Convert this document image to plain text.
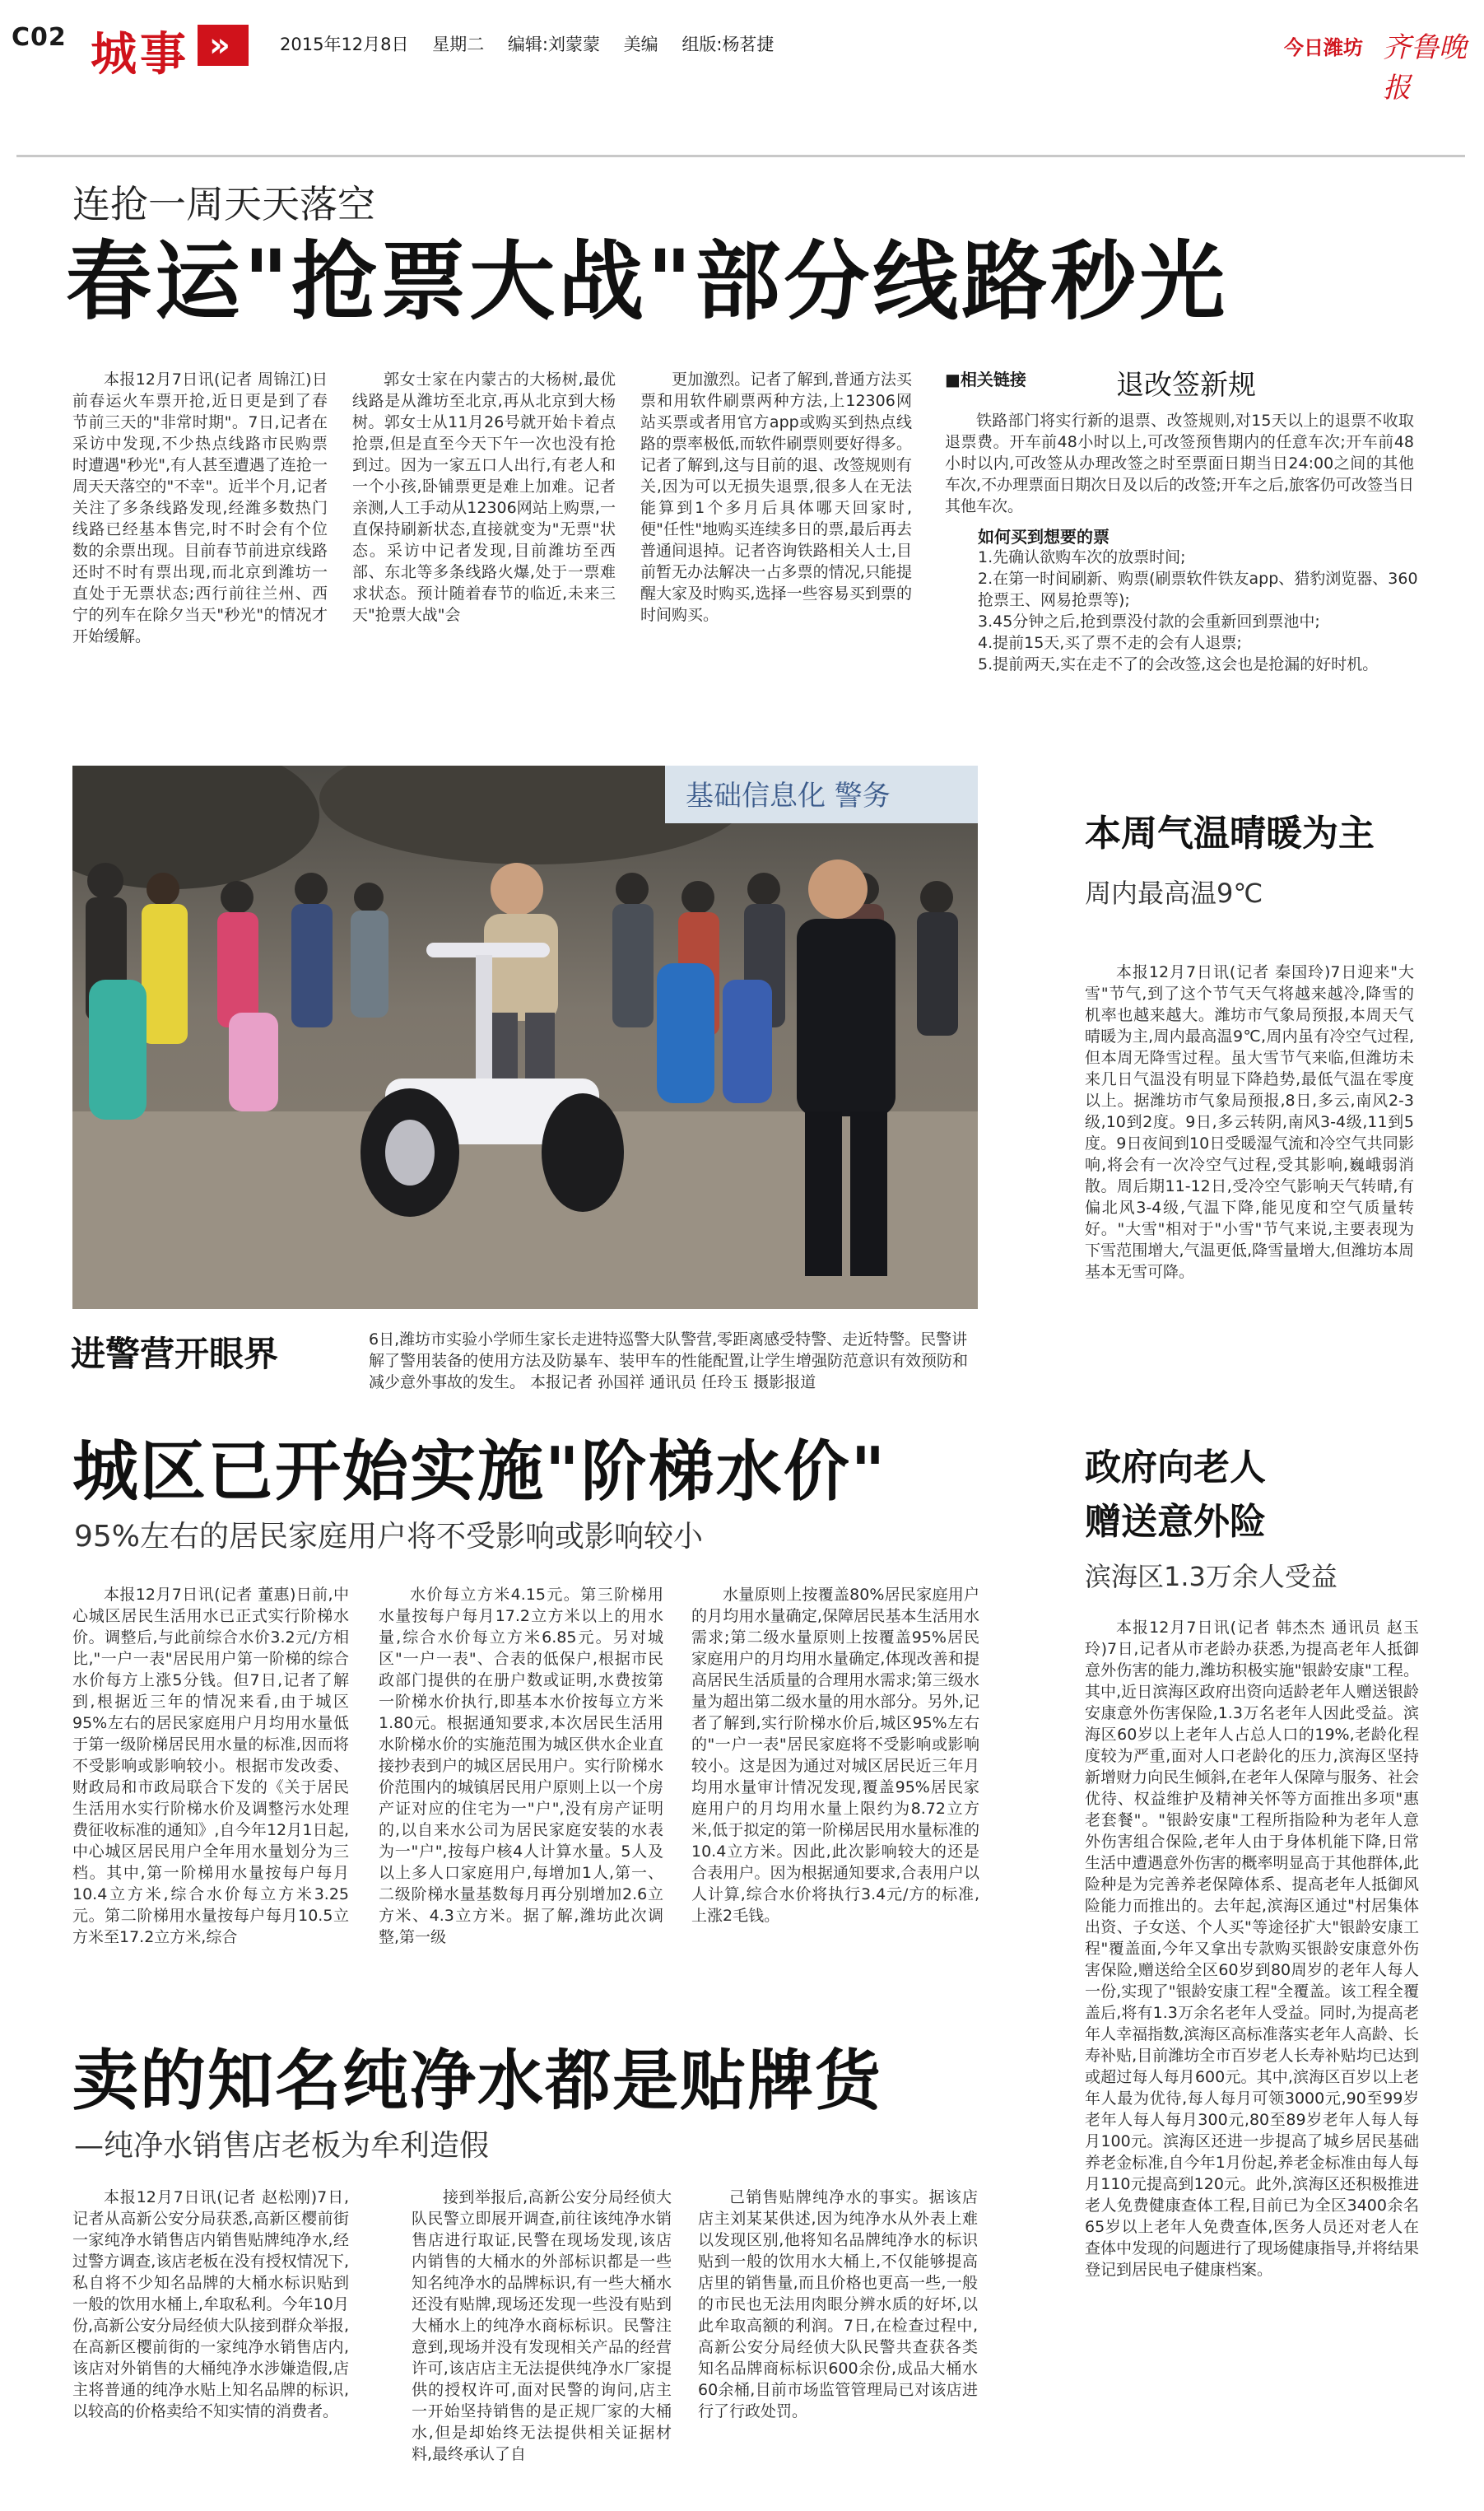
C02 城事 »	2015年12月8日 星期二 编辑:刘蒙蒙 美编 组版:杨茗捷	今日潍坊 齐鲁晚报
连抢一周天天落空
春运"抢票大战"部分线路秒光

本报12月7日讯(记者 周锦江)日前春运火车票开抢,近日更是到了春节前三天的"非常时期"。7日,记者在采访中发现,不少热点线路市民购票时遭遇"秒光",有人甚至遭遇了连抢一周天天落空的"不幸"。近半个月,记者关注了多条线路发现,经潍多数热门线路已经基本售完,时不时会有个位数的余票出现。目前春节前进京线路还时不时有票出现,而北京到潍坊一直处于无票状态;西行前往兰州、西宁的列车在除夕当天"秒光"的情况才开始缓解。

郭女士家在内蒙古的大杨树,最优线路是从潍坊至北京,再从北京到大杨树。郭女士从11月26号就开始卡着点抢票,但是直至今天下午一次也没有抢到过。因为一家五口人出行,有老人和一个小孩,卧铺票更是难上加难。记者亲测,人工手动从12306网站上购票,一直保持刷新状态,直接就变为"无票"状态。采访中记者发现,目前潍坊至西部、东北等多条线路火爆,处于一票难求状态。预计随着春节的临近,未来三天"抢票大战"会

更加激烈。记者了解到,普通方法买票和用软件刷票两种方法,上12306网站买票或者用官方app或购买到热点线路的票率极低,而软件刷票则要好得多。记者了解到,这与目前的退、改签规则有关,因为可以无损失退票,很多人在无法能算到1个多月后具体哪天回家时,便"任性"地购买连续多日的票,最后再去普通间退掉。记者咨询铁路相关人士,目前暂无办法解决一占多票的情况,只能提醒大家及时购买,选择一些容易买到票的时间购买。

■相关链接	退改签新规

铁路部门将实行新的退票、改签规则,对15天以上的退票不收取退票费。开车前48小时以上,可改签预售期内的任意车次;开车前48小时以内,可改签从办理改签之时至票面日期当日24:00之间的其他车次,不办理票面日期次日及以后的改签;开车之后,旅客仍可改签当日其他车次。

如何买到想要的票
1.先确认欲购车次的放票时间;
2.在第一时间刷新、购票(刷票软件铁友app、猎豹浏览器、360抢票王、网易抢票等);
3.45分钟之后,抢到票没付款的会重新回到票池中;
4.提前15天,买了票不走的会有人退票;
5.提前两天,实在走不了的会改签,这会也是抢漏的好时机。
基础信息化 警务
进警营开眼界	6日,潍坊市实验小学师生家长走进特巡警大队警营,零距离感受特警、走近特警。民警讲解了警用装备的使用方法及防暴车、装甲车的性能配置,让学生增强防范意识有效预防和减少意外事故的发生。 本报记者 孙国祥 通讯员 任玲玉 摄影报道
本周气温晴暖为主
周内最高温9℃

本报12月7日讯(记者 秦国玲)7日迎来"大雪"节气,到了这个节气天气将越来越冷,降雪的机率也越来越大。潍坊市气象局预报,本周天气晴暖为主,周内最高温9℃,周内虽有冷空气过程,但本周无降雪过程。虽大雪节气来临,但潍坊未来几日气温没有明显下降趋势,最低气温在零度以上。据潍坊市气象局预报,8日,多云,南风2-3级,10到2度。9日,多云转阴,南风3-4级,11到5度。9日夜间到10日受暖湿气流和冷空气共同影响,将会有一次冷空气过程,受其影响,巍峨弱消散。周后期11-12日,受冷空气影响天气转晴,有偏北风3-4级,气温下降,能见度和空气质量转好。"大雪"相对于"小雪"节气来说,主要表现为下雪范围增大,气温更低,降雪量增大,但潍坊本周基本无雪可降。

城区已开始实施"阶梯水价"
95%左右的居民家庭用户将不受影响或影响较小

本报12月7日讯(记者 董惠)日前,中心城区居民生活用水已正式实行阶梯水价。调整后,与此前综合水价3.2元/方相比,"一户一表"居民用户第一阶梯的综合水价每方上涨5分钱。但7日,记者了解到,根据近三年的情况来看,由于城区95%左右的居民家庭用户月均用水量低于第一级阶梯居民用水量的标准,因而将不受影响或影响较小。根据市发改委、财政局和市政局联合下发的《关于居民生活用水实行阶梯水价及调整污水处理费征收标准的通知》,自今年12月1日起,中心城区居民用户全年用水量划分为三档。其中,第一阶梯用水量按每户每月10.4立方米,综合水价每立方米3.25元。第二阶梯用水量按每户每月10.5立方米至17.2立方米,综合

水价每立方米4.15元。第三阶梯用水量按每户每月17.2立方米以上的用水量,综合水价每立方米6.85元。另对城区"一户一表"、合表的低保户,根据市民政部门提供的在册户数或证明,水费按第一阶梯水价执行,即基本水价按每立方米1.80元。根据通知要求,本次居民生活用水阶梯水价的实施范围为城区供水企业直接抄表到户的城区居民用户。实行阶梯水价范围内的城镇居民用户原则上以一个房产证对应的住宅为一"户",没有房产证明的,以自来水公司为居民家庭安装的水表为一"户",按每户核4人计算水量。5人及以上多人口家庭用户,每增加1人,第一、二级阶梯水量基数每月再分别增加2.6立方米、4.3立方米。据了解,潍坊此次调整,第一级

水量原则上按覆盖80%居民家庭用户的月均用水量确定,保障居民基本生活用水需求;第二级水量原则上按覆盖95%居民家庭用户的月均用水量确定,体现改善和提高居民生活质量的合理用水需求;第三级水量为超出第二级水量的用水部分。另外,记者了解到,实行阶梯水价后,城区95%左右的"一户一表"居民家庭将不受影响或影响较小。这是因为通过对城区居民近三年月均用水量审计情况发现,覆盖95%居民家庭用户的月均用水量上限约为8.72立方米,低于拟定的第一阶梯居民用水量标准的10.4立方米。因此,此次影响较大的还是合表用户。因为根据通知要求,合表用户以人计算,综合水价将执行3.4元/方的标准,上涨2毛钱。

政府向老人
赠送意外险
滨海区1.3万余人受益

本报12月7日讯(记者 韩杰杰 通讯员 赵玉玲)7日,记者从市老龄办获悉,为提高老年人抵御意外伤害的能力,潍坊积极实施"银龄安康"工程。其中,近日滨海区政府出资向适龄老年人赠送银龄安康意外伤害保险,1.3万名老年人因此受益。滨海区60岁以上老年人占总人口的19%,老龄化程度较为严重,面对人口老龄化的压力,滨海区坚持新增财力向民生倾斜,在老年人保障与服务、社会优待、权益维护及精神关怀等方面推出多项"惠老套餐"。"银龄安康"工程所指险种为老年人意外伤害组合保险,老年人由于身体机能下降,日常生活中遭遇意外伤害的概率明显高于其他群体,此险种是为完善养老保障体系、提高老年人抵御风险能力而推出的。去年起,滨海区通过"村居集体出资、子女送、个人买"等途径扩大"银龄安康工程"覆盖面,今年又拿出专款购买银龄安康意外伤害保险,赠送给全区60岁到80周岁的老年人每人一份,实现了"银龄安康工程"全覆盖。该工程全覆盖后,将有1.3万余名老年人受益。同时,为提高老年人幸福指数,滨海区高标准落实老年人高龄、长寿补贴,目前潍坊全市百岁老人长寿补贴均已达到或超过每人每月600元。其中,滨海区百岁以上老年人最为优待,每人每月可领3000元,90至99岁老年人每人每月300元,80至89岁老年人每人每月100元。滨海区还进一步提高了城乡居民基础养老金标准,自今年1月份起,养老金标准由每人每月110元提高到120元。此外,滨海区还积极推进老人免费健康查体工程,目前已为全区3400余名65岁以上老年人免费查体,医务人员还对老人在查体中发现的问题进行了现场健康指导,并将结果登记到居民电子健康档案。

卖的知名纯净水都是贴牌货
—纯净水销售店老板为牟利造假

本报12月7日讯(记者 赵松刚)7日,记者从高新公安分局获悉,高新区樱前街一家纯净水销售店内销售贴牌纯净水,经过警方调查,该店老板在没有授权情况下,私自将不少知名品牌的大桶水标识贴到一般的饮用水桶上,牟取私利。今年10月份,高新公安分局经侦大队接到群众举报,在高新区樱前街的一家纯净水销售店内,该店对外销售的大桶纯净水涉嫌造假,店主将普通的纯净水贴上知名品牌的标识,以较高的价格卖给不知实情的消费者。

接到举报后,高新公安分局经侦大队民警立即展开调查,前往该纯净水销售店进行取证,民警在现场发现,该店内销售的大桶水的外部标识都是一些知名纯净水的品牌标识,有一些大桶水还没有贴牌,现场还发现一些没有贴到大桶水上的纯净水商标标识。民警注意到,现场并没有发现相关产品的经营许可,该店店主无法提供纯净水厂家提供的授权许可,面对民警的询问,店主一开始坚持销售的是正规厂家的大桶水,但是却始终无法提供相关证据材料,最终承认了自

己销售贴牌纯净水的事实。据该店店主刘某某供述,因为纯净水从外表上难以发现区别,他将知名品牌纯净水的标识贴到一般的饮用水大桶上,不仅能够提高店里的销售量,而且价格也更高一些,一般的市民也无法用肉眼分辨水质的好坏,以此牟取高额的利润。7日,在检查过程中,高新公安分局经侦大队民警共查获各类知名品牌商标标识600余份,成品大桶水60余桶,目前市场监管管理局已对该店进行了行政处罚。
